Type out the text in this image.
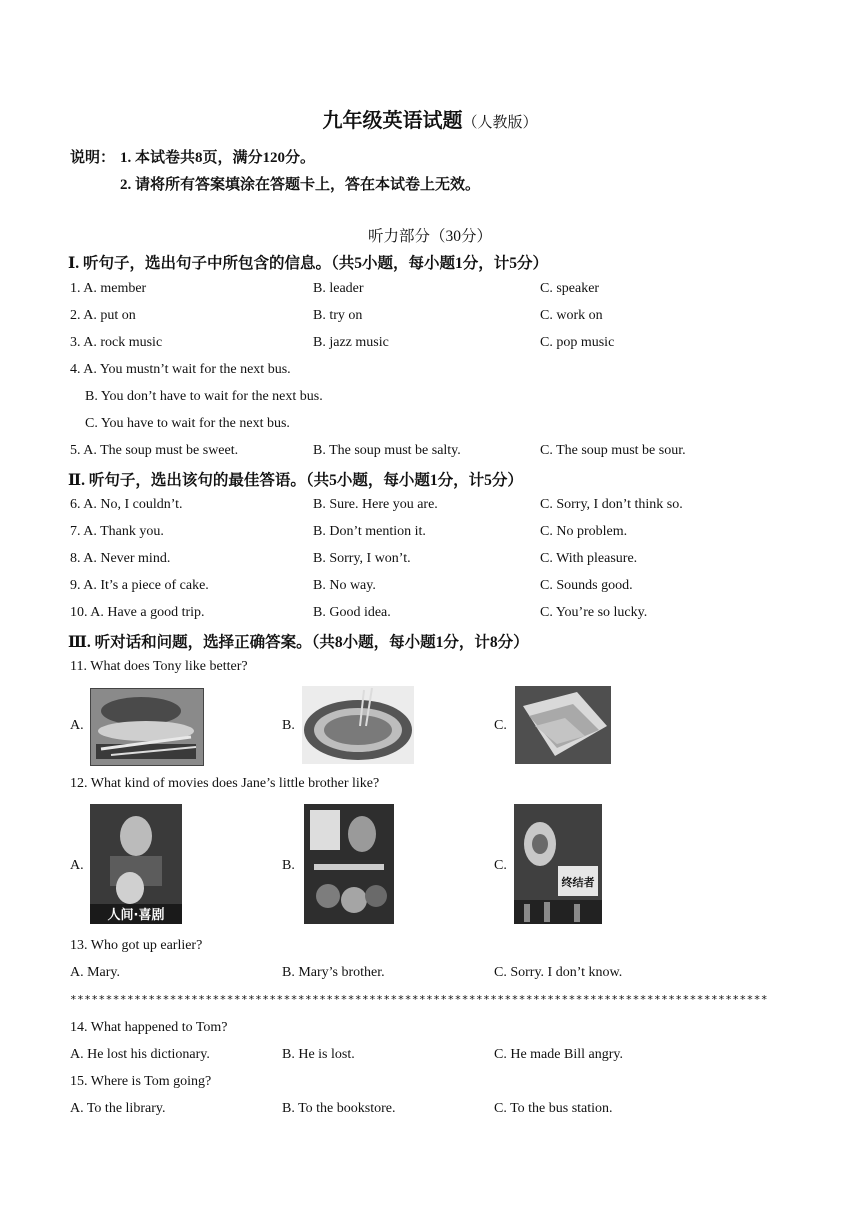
九年级英语试题（人教版）
说明： 1. 本试卷共8页，满分120分。
2. 请将所有答案填涂在答题卡上，答在本试卷上无效。
听力部分（30分）
Ⅰ. 听句子，选出句子中所包含的信息。（共5小题，每小题1分，计5分）
1. A. member	B. leader	C. speaker
2. A. put on	B. try on	C. work on
3. A. rock music	B. jazz music	C. pop music
4. A. You mustn’t wait for the next bus.
B. You don’t have to wait for the next bus.
C. You have to wait for the next bus.
5. A. The soup must be sweet.	B. The soup must be salty.	C. The soup must be sour.
Ⅱ. 听句子，选出该句的最佳答语。（共5小题，每小题1分，计5分）
6. A. No, I couldn’t.	B. Sure. Here you are.	C. Sorry, I don’t think so.
7. A. Thank you.	B. Don’t mention it.	C. No problem.
8. A. Never mind.	B. Sorry, I won’t.	C. With pleasure.
9. A. It’s a piece of cake.	B. No way.	C. Sounds good.
10. A. Have a good trip.	B. Good idea.	C. You’re so lucky.
Ⅲ. 听对话和问题，选择正确答案。（共8小题，每小题1分，计8分）
11. What does Tony like better?
A.	B.	C.
12. What kind of movies does Jane’s little brother like?
A.
人间·喜剧
B.	C.
终结者
13. Who got up earlier?
A. Mary.	B. Mary’s brother.	C. Sorry. I don’t know.
**************************************************************************************************
14. What happened to Tom?
A. He lost his dictionary.	B. He is lost.	C. He made Bill angry.
15. Where is Tom going?
A. To the library.	B. To the bookstore.	C. To the bus station.
